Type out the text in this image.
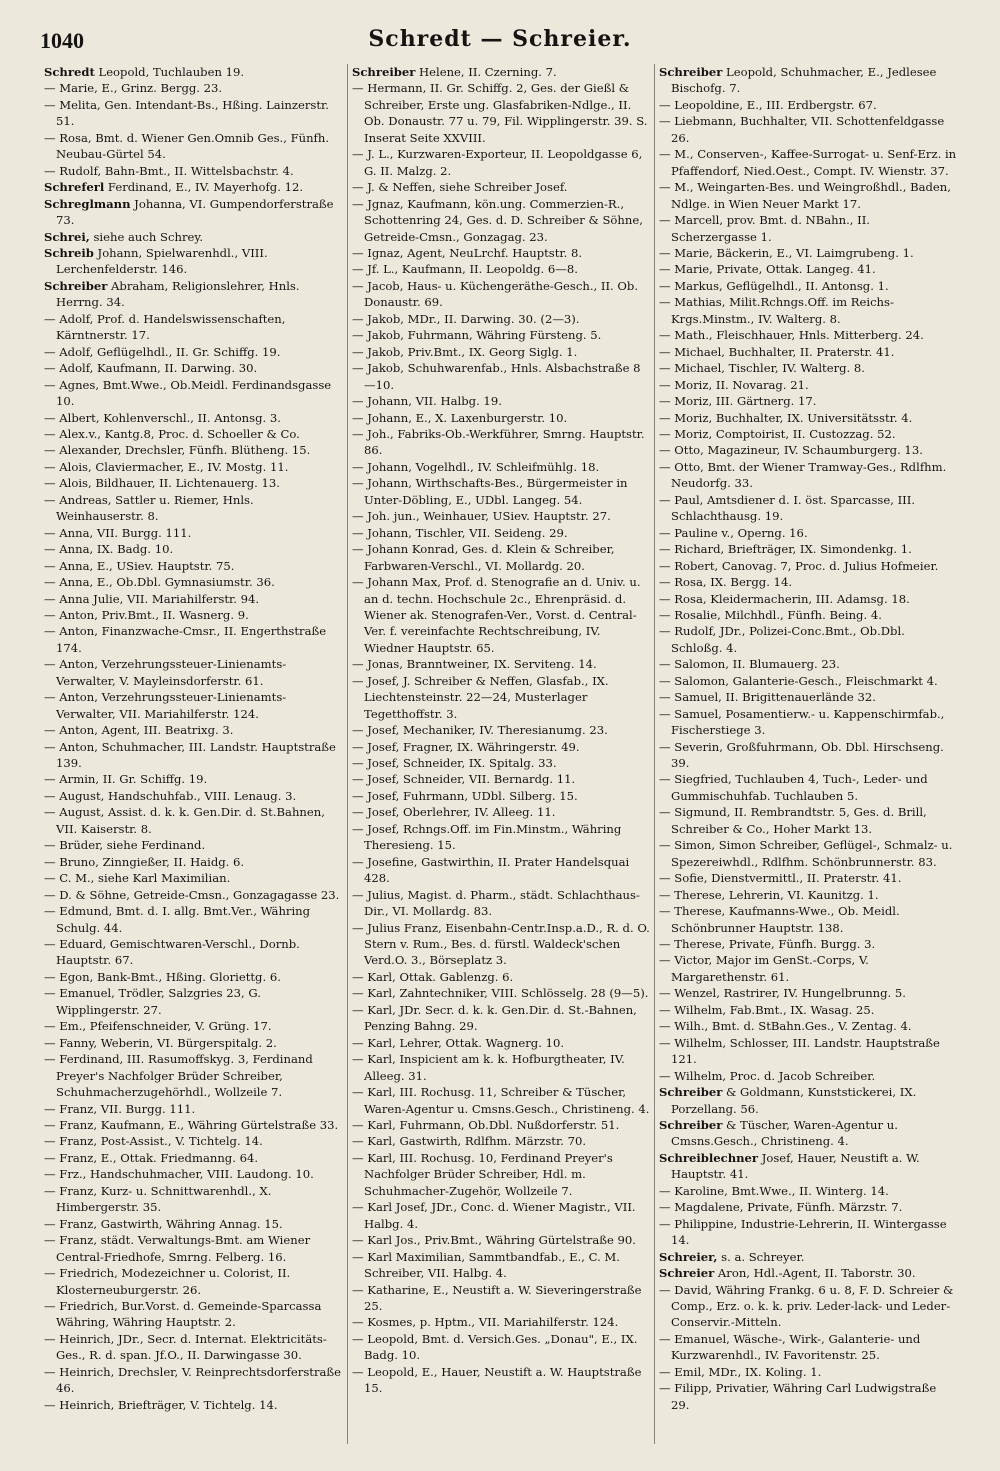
1040	Schredt — Schreier.
Schredt Leopold, Tuchlauben 19.
— Marie, E., Grinz. Bergg. 23.
— Melita, Gen. Intendant-Bs., Hßing. Lainzerstr. 51.
— Rosa, Bmt. d. Wiener Gen.Omnib Ges., Fünfh. Neubau-Gürtel 54.
— Rudolf, Bahn-Bmt., II. Wittelsbachstr. 4.
Schreferl Ferdinand, E., IV. Mayerhofg. 12.
Schreglmann Johanna, VI. Gumpendorferstraße 73.
Schrei, siehe auch Schrey.
Schreib Johann, Spielwarenhdl., VIII. Lerchenfelderstr. 146.
Schreiber Abraham, Religionslehrer, Hnls. Herrng. 34.
— Adolf, Prof. d. Handelswissenschaften, Kärntnerstr. 17.
— Adolf, Geflügelhdl., II. Gr. Schiffg. 19.
— Adolf, Kaufmann, II. Darwing. 30.
— Agnes, Bmt.Wwe., Ob.Meidl. Ferdinandsgasse 10.
— Albert, Kohlenverschl., II. Antonsg. 3.
— Alex.v., Kantg.8, Proc. d. Schoeller & Co.
— Alexander, Drechsler, Fünfh. Blütheng. 15.
— Alois, Claviermacher, E., IV. Mostg. 11.
— Alois, Bildhauer, II. Lichtenauerg. 13.
— Andreas, Sattler u. Riemer, Hnls. Weinhauserstr. 8.
— Anna, VII. Burgg. 111.
— Anna, IX. Badg. 10.
— Anna, E., USiev. Hauptstr. 75.
— Anna, E., Ob.Dbl. Gymnasiumstr. 36.
— Anna Julie, VII. Mariahilferstr. 94.
— Anton, Priv.Bmt., II. Wasnerg. 9.
— Anton, Finanzwache-Cmsr., II. Engerthstraße 174.
— Anton, Verzehrungssteuer-Linienamts-Verwalter, V. Mayleinsdorferstr. 61.
— Anton, Verzehrungssteuer-Linienamts-Verwalter, VII. Mariahilferstr. 124.
— Anton, Agent, III. Beatrixg. 3.
— Anton, Schuhmacher, III. Landstr. Hauptstraße 139.
— Armin, II. Gr. Schiffg. 19.
— August, Handschuhfab., VIII. Lenaug. 3.
— August, Assist. d. k. k. Gen.Dir. d. St.Bahnen, VII. Kaiserstr. 8.
— Brüder, siehe Ferdinand.
— Bruno, Zinngießer, II. Haidg. 6.
— C. M., siehe Karl Maximilian.
— D. & Söhne, Getreide-Cmsn., Gonzagagasse 23.
— Edmund, Bmt. d. I. allg. Bmt.Ver., Währing Schulg. 44.
— Eduard, Gemischtwaren-Verschl., Dornb. Hauptstr. 67.
— Egon, Bank-Bmt., Hßing. Gloriettg. 6.
— Emanuel, Trödler, Salzgries 23, G. Wipplingerstr. 27.
— Em., Pfeifenschneider, V. Grüng. 17.
— Fanny, Weberin, VI. Bürgerspitalg. 2.
— Ferdinand, III. Rasumoffskyg. 3, Ferdinand Preyer's Nachfolger Brüder Schreiber, Schuhmacherzugehörhdl., Wollzeile 7.
— Franz, VII. Burgg. 111.
— Franz, Kaufmann, E., Währing Gürtelstraße 33.
— Franz, Post-Assist., V. Tichtelg. 14.
— Franz, E., Ottak. Friedmanng. 64.
— Frz., Handschuhmacher, VIII. Laudong. 10.
— Franz, Kurz- u. Schnittwarenhdl., X. Himbergerstr. 35.
— Franz, Gastwirth, Währing Annag. 15.
— Franz, städt. Verwaltungs-Bmt. am Wiener Central-Friedhofe, Smrng. Felberg. 16.
— Friedrich, Modezeichner u. Colorist, II. Klosterneuburgerstr. 26.
— Friedrich, Bur.Vorst. d. Gemeinde-Sparcassa Währing, Währing Hauptstr. 2.
— Heinrich, JDr., Secr. d. Internat. Elektricitäts-Ges., R. d. span. Jf.O., II. Darwingasse 30.
— Heinrich, Drechsler, V. Reinprechtsdorferstraße 46.
— Heinrich, Briefträger, V. Tichtelg. 14.
Schreiber Helene, II. Czerning. 7.
— Hermann, II. Gr. Schiffg. 2, Ges. der Gießl & Schreiber, Erste ung. Glasfabriken-Ndlge., II. Ob. Donaustr. 77 u. 79, Fil. Wipplingerstr. 39. S. Inserat Seite XXVIII.
— J. L., Kurzwaren-Exporteur, II. Leopoldgasse 6, G. II. Malzg. 2.
— J. & Neffen, siehe Schreiber Josef.
— Jgnaz, Kaufmann, kön.ung. Commerzien-R., Schottenring 24, Ges. d. D. Schreiber & Söhne, Getreide-Cmsn., Gonzagag. 23.
— Ignaz, Agent, NeuLrchf. Hauptstr. 8.
— Jf. L., Kaufmann, II. Leopoldg. 6—8.
— Jacob, Haus- u. Küchengeräthe-Gesch., II. Ob. Donaustr. 69.
— Jakob, MDr., II. Darwing. 30. (2—3).
— Jakob, Fuhrmann, Währing Fürsteng. 5.
— Jakob, Priv.Bmt., IX. Georg Siglg. 1.
— Jakob, Schuhwarenfab., Hnls. Alsbachstraße 8—10.
— Johann, VII. Halbg. 19.
— Johann, E., X. Laxenburgerstr. 10.
— Joh., Fabriks-Ob.-Werkführer, Smrng. Hauptstr. 86.
— Johann, Vogelhdl., IV. Schleifmühlg. 18.
— Johann, Wirthschafts-Bes., Bürgermeister in Unter-Döbling, E., UDbl. Langeg. 54.
— Joh. jun., Weinhauer, USiev. Hauptstr. 27.
— Johann, Tischler, VII. Seideng. 29.
— Johann Konrad, Ges. d. Klein & Schreiber, Farbwaren-Verschl., VI. Mollardg. 20.
— Johann Max, Prof. d. Stenografie an d. Univ. u. an d. techn. Hochschule 2c., Ehrenpräsid. d. Wiener ak. Stenografen-Ver., Vorst. d. Central-Ver. f. vereinfachte Rechtschreibung, IV. Wiedner Hauptstr. 65.
— Jonas, Branntweiner, IX. Serviteng. 14.
— Josef, J. Schreiber & Neffen, Glasfab., IX. Liechtensteinstr. 22—24, Musterlager Tegetthoffstr. 3.
— Josef, Mechaniker, IV. Theresianumg. 23.
— Josef, Fragner, IX. Währingerstr. 49.
— Josef, Schneider, IX. Spitalg. 33.
— Josef, Schneider, VII. Bernardg. 11.
— Josef, Fuhrmann, UDbl. Silberg. 15.
— Josef, Oberlehrer, IV. Alleeg. 11.
— Josef, Rchngs.Off. im Fin.Minstm., Währing Theresieng. 15.
— Josefine, Gastwirthin, II. Prater Handelsquai 428.
— Julius, Magist. d. Pharm., städt. Schlachthaus-Dir., VI. Mollardg. 83.
— Julius Franz, Eisenbahn-Centr.Insp.a.D., R. d. O. Stern v. Rum., Bes. d. fürstl. Waldeck'schen Verd.O. 3., Börseplatz 3.
— Karl, Ottak. Gablenzg. 6.
— Karl, Zahntechniker, VIII. Schlösselg. 28 (9—5).
— Karl, JDr. Secr. d. k. k. Gen.Dir. d. St.-Bahnen, Penzing Bahng. 29.
— Karl, Lehrer, Ottak. Wagnerg. 10.
— Karl, Inspicient am k. k. Hofburgtheater, IV. Alleeg. 31.
— Karl, III. Rochusg. 11, Schreiber & Tüscher, Waren-Agentur u. Cmsns.Gesch., Christineng. 4.
— Karl, Fuhrmann, Ob.Dbl. Nußdorferstr. 51.
— Karl, Gastwirth, Rdlfhm. Märzstr. 70.
— Karl, III. Rochusg. 10, Ferdinand Preyer's Nachfolger Brüder Schreiber, Hdl. m. Schuhmacher-Zugehör, Wollzeile 7.
— Karl Josef, JDr., Conc. d. Wiener Magistr., VII. Halbg. 4.
— Karl Jos., Priv.Bmt., Währing Gürtelstraße 90.
— Karl Maximilian, Sammtbandfab., E., C. M. Schreiber, VII. Halbg. 4.
— Katharine, E., Neustift a. W. Sieveringerstraße 25.
— Kosmes, p. Hptm., VII. Mariahilferstr. 124.
— Leopold, Bmt. d. Versich.Ges. „Donau", E., IX. Badg. 10.
— Leopold, E., Hauer, Neustift a. W. Hauptstraße 15.
Schreiber Leopold, Schuhmacher, E., Jedlesee Bischofg. 7.
— Leopoldine, E., III. Erdbergstr. 67.
— Liebmann, Buchhalter, VII. Schottenfeldgasse 26.
— M., Conserven-, Kaffee-Surrogat- u. Senf-Erz. in Pfaffendorf, Nied.Oest., Compt. IV. Wienstr. 37.
— M., Weingarten-Bes. und Weingroßhdl., Baden, Ndlge. in Wien Neuer Markt 17.
— Marcell, prov. Bmt. d. NBahn., II. Scherzergasse 1.
— Marie, Bäckerin, E., VI. Laimgrubeng. 1.
— Marie, Private, Ottak. Langeg. 41.
— Markus, Geflügelhdl., II. Antonsg. 1.
— Mathias, Milit.Rchngs.Off. im Reichs-Krgs.Minstm., IV. Walterg. 8.
— Math., Fleischhauer, Hnls. Mitterberg. 24.
— Michael, Buchhalter, II. Praterstr. 41.
— Michael, Tischler, IV. Walterg. 8.
— Moriz, II. Novarag. 21.
— Moriz, III. Gärtnerg. 17.
— Moriz, Buchhalter, IX. Universitätsstr. 4.
— Moriz, Comptoirist, II. Custozzag. 52.
— Otto, Magazineur, IV. Schaumburgerg. 13.
— Otto, Bmt. der Wiener Tramway-Ges., Rdlfhm. Neudorfg. 33.
— Paul, Amtsdiener d. I. öst. Sparcasse, III. Schlachthausg. 19.
— Pauline v., Operng. 16.
— Richard, Briefträger, IX. Simondenkg. 1.
— Robert, Canovag. 7, Proc. d. Julius Hofmeier.
— Rosa, IX. Bergg. 14.
— Rosa, Kleidermacherin, III. Adamsg. 18.
— Rosalie, Milchhdl., Fünfh. Being. 4.
— Rudolf, JDr., Polizei-Conc.Bmt., Ob.Dbl. Schloßg. 4.
— Salomon, II. Blumauerg. 23.
— Salomon, Galanterie-Gesch., Fleischmarkt 4.
— Samuel, II. Brigittenauerlände 32.
— Samuel, Posamentierw.- u. Kappenschirmfab., Fischerstiege 3.
— Severin, Großfuhrmann, Ob. Dbl. Hirschseng. 39.
— Siegfried, Tuchlauben 4, Tuch-, Leder- und Gummischuhfab. Tuchlauben 5.
— Sigmund, II. Rembrandtstr. 5, Ges. d. Brill, Schreiber & Co., Hoher Markt 13.
— Simon, Simon Schreiber, Geflügel-, Schmalz- u. Spezereiwhdl., Rdlfhm. Schönbrunnerstr. 83.
— Sofie, Dienstvermittl., II. Praterstr. 41.
— Therese, Lehrerin, VI. Kaunitzg. 1.
— Therese, Kaufmanns-Wwe., Ob. Meidl. Schönbrunner Hauptstr. 138.
— Therese, Private, Fünfh. Burgg. 3.
— Victor, Major im GenSt.-Corps, V. Margarethenstr. 61.
— Wenzel, Rastrirer, IV. Hungelbrunng. 5.
— Wilhelm, Fab.Bmt., IX. Wasag. 25.
— Wilh., Bmt. d. StBahn.Ges., V. Zentag. 4.
— Wilhelm, Schlosser, III. Landstr. Hauptstraße 121.
— Wilhelm, Proc. d. Jacob Schreiber.
Schreiber & Goldmann, Kunststickerei, IX. Porzellang. 56.
Schreiber & Tüscher, Waren-Agentur u. Cmsns.Gesch., Christineng. 4.
Schreiblechner Josef, Hauer, Neustift a. W. Hauptstr. 41.
— Karoline, Bmt.Wwe., II. Winterg. 14.
— Magdalene, Private, Fünfh. Märzstr. 7.
— Philippine, Industrie-Lehrerin, II. Wintergasse 14.
Schreier, s. a. Schreyer.
Schreier Aron, Hdl.-Agent, II. Taborstr. 30.
— David, Währing Frankg. 6 u. 8, F. D. Schreier & Comp., Erz. o. k. k. priv. Leder-lack- und Leder-Conservir.-Mitteln.
— Emanuel, Wäsche-, Wirk-, Galanterie- und Kurzwarenhdl., IV. Favoritenstr. 25.
— Emil, MDr., IX. Koling. 1.
— Filipp, Privatier, Währing Carl Ludwigstraße 29.
